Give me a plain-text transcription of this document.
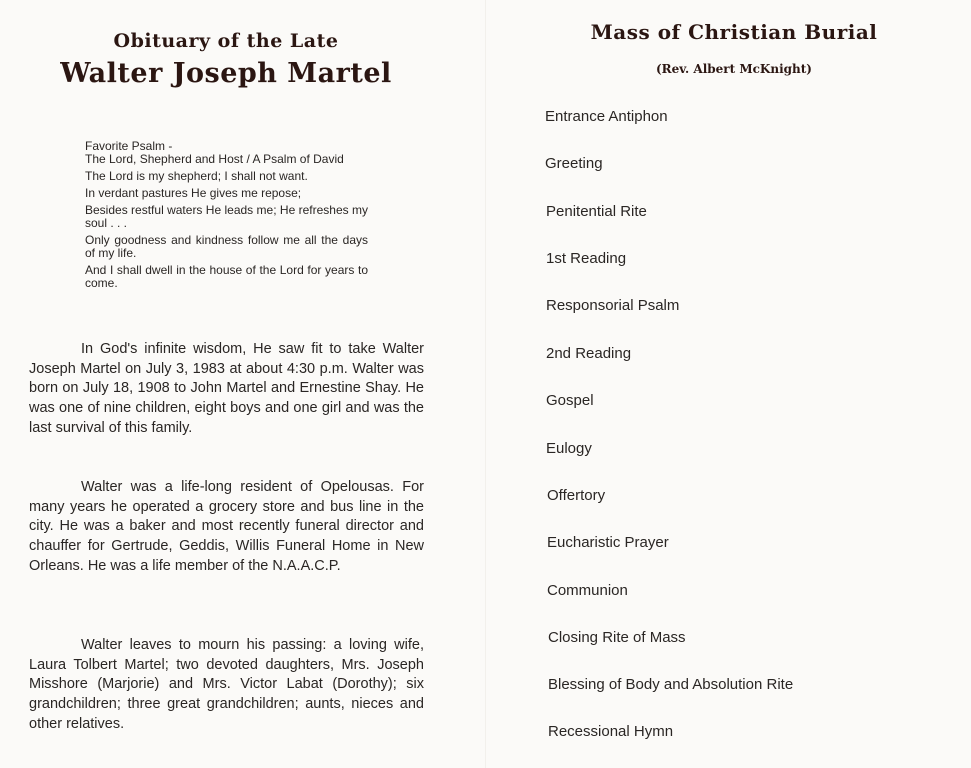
Obituary of the Late
Walter Joseph Martel

Favorite Psalm -

The Lord, Shepherd and Host / A Psalm of David

The Lord is my shepherd; I shall not want.

In verdant pastures He gives me repose;

Besides restful waters He leads me; He refreshes my soul . . .

Only goodness and kindness follow me all the days of my life.

And I shall dwell in the house of the Lord for years to come.

In God's infinite wisdom, He saw fit to take Walter Joseph Martel on July 3, 1983 at about 4:30 p.m. Walter was born on July 18, 1908 to John Martel and Ernestine Shay. He was one of nine children, eight boys and one girl and was the last survival of this family.
Walter was a life-long resident of Opelousas. For many years he operated a grocery store and bus line in the city. He was a baker and most recently funeral director and chauffer for Gertrude, Geddis, Willis Funeral Home in New Orleans. He was a life member of the N.A.A.C.P.
Walter leaves to mourn his passing: a loving wife, Laura Tolbert Martel; two devoted daughters, Mrs. Joseph Misshore (Marjorie) and Mrs. Victor Labat (Dorothy); six grandchildren; three great grandchildren; aunts, nieces and other relatives.
Mass of Christian Burial
(Rev. Albert McKnight)
Entrance Antiphon
Greeting
Penitential Rite
1st Reading
Responsorial Psalm
2nd Reading
Gospel
Eulogy
Offertory
Eucharistic Prayer
Communion
Closing Rite of Mass
Blessing of Body and Absolution Rite
Recessional Hymn
